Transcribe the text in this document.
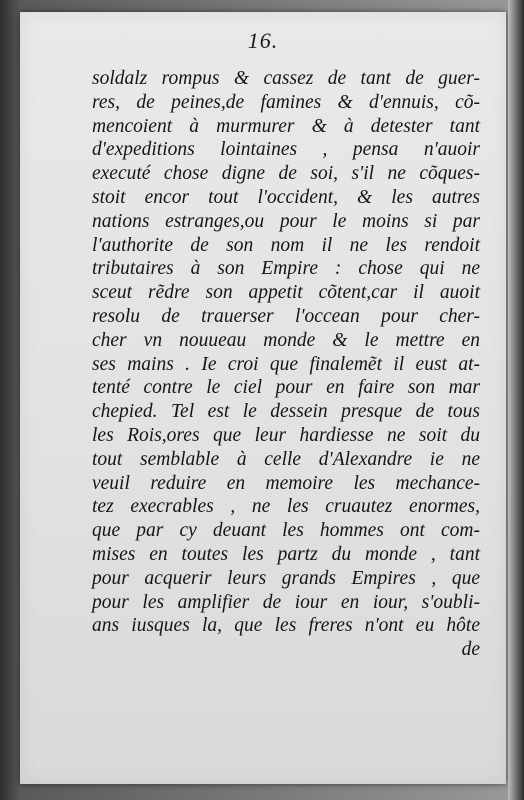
16.
soldalz rompus & cassez de tant de guer-
res, de peines,de famines & d'ennuis, cõ-
mencoient à murmurer & à detester tant
d'expeditions lointaines , pensa n'auoir
executé chose digne de soi, s'il ne cõques-
stoit encor tout l'occident, & les autres
nations estranges,ou pour le moins si par
l'authorite de son nom il ne les rendoit
tributaires à son Empire : chose qui ne
sceut rẽdre son appetit cõtent,car il auoit
resolu de trauerser l'occean pour cher-
cher vn nouueau monde & le mettre en
ses mains . Ie croi que finalemẽt il eust at-
tenté contre le ciel pour en faire son mar
chepied. Tel est le dessein presque de tous
les Rois,ores que leur hardiesse ne soit du
tout semblable à celle d'Alexandre ie ne
veuil reduire en memoire les mechance-
tez execrables , ne les cruautez enormes,
que par cy deuant les hommes ont com-
mises en toutes les partz du monde , tant
pour acquerir leurs grands Empires , que
pour les amplifier de iour en iour, s'oubli-
ans iusques la, que les freres n'ont eu hôte
de
